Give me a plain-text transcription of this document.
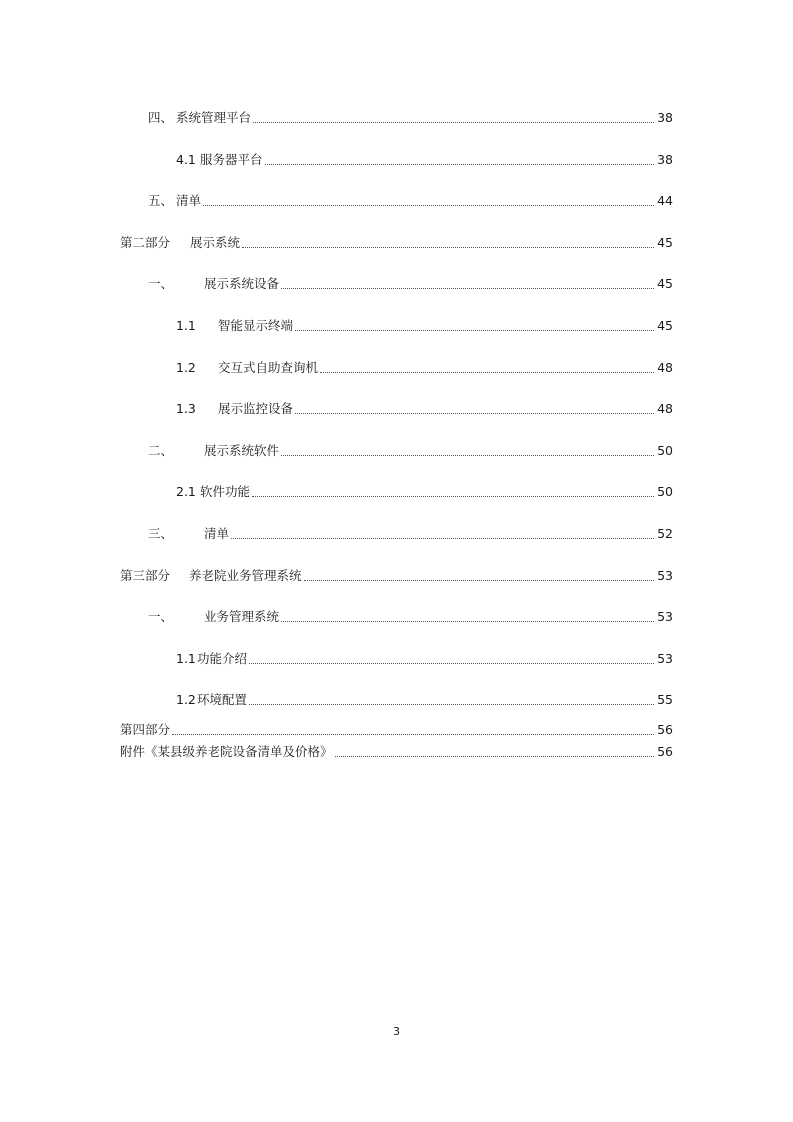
四、 系统管理平台	38
4.1 服务器平台	38
五、 清单	44
第二部分	展示系统	45
一、	展示系统设备	45
1.1	智能显示终端	45
1.2	交互式自助查询机	48
1.3	展示监控设备	48
二、	展示系统软件	50
2.1 软件功能	50
三、	清单	52
第三部分	养老院业务管理系统	53
一、	业务管理系统	53
1.1 功能介绍	53
1.2 环境配置	55
第四部分	56
附件《某县级养老院设备清单及价格》	56
3
